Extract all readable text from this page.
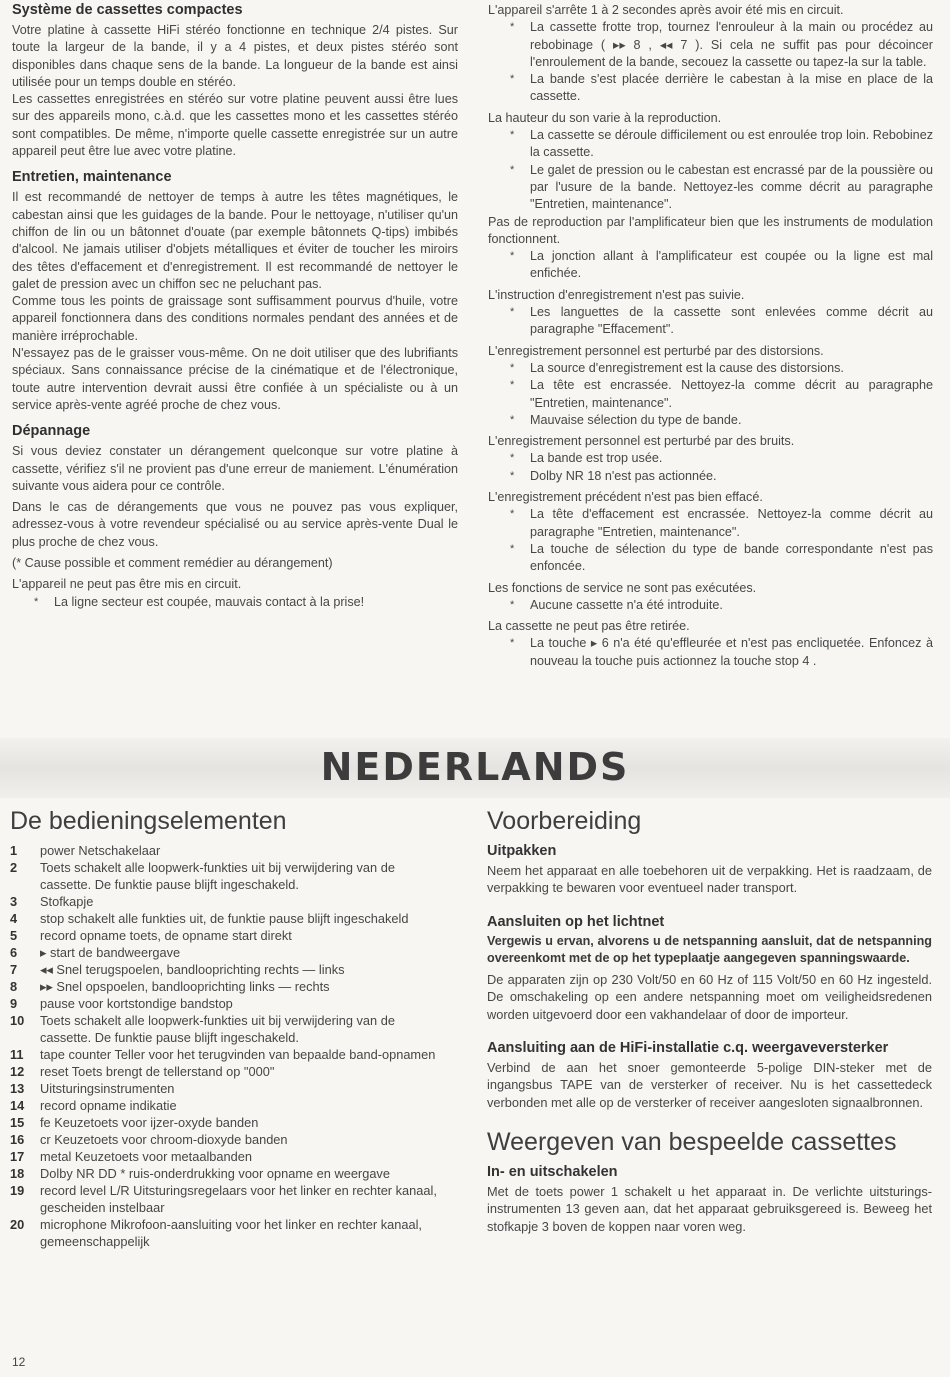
Système de cassettes compactes

Votre platine à cassette HiFi stéréo fonctionne en technique 2/4 pistes. Sur toute la largeur de la bande, il y a 4 pistes, et deux pistes stéréo sont disponibles dans chaque sens de la bande. La longueur de la bande est ainsi utilisée pour un temps double en stéréo.

Les cassettes enregistrées en stéréo sur votre platine peuvent aussi être lues sur des appareils mono, c.à.d. que les cassettes mono et les cassettes stéréo sont compatibles. De même, n'importe quelle cassette enregistrée sur un autre appareil peut être lue avec votre platine.

Entretien, maintenance

Il est recommandé de nettoyer de temps à autre les têtes magnétiques, le cabestan ainsi que les guidages de la bande. Pour le nettoyage, n'utiliser qu'un chiffon de lin ou un bâtonnet d'ouate (par exemple bâtonnets Q-tips) imbibés d'alcool. Ne jamais utiliser d'objets métalliques et éviter de toucher les miroirs des têtes d'effacement et d'enregistrement. Il est recommandé de nettoyer le galet de pression avec un chiffon sec ne peluchant pas.

Comme tous les points de graissage sont suffisamment pourvus d'huile, votre appareil fonctionnera dans des conditions normales pendant des années et de manière irréprochable.

N'essayez pas de le graisser vous-même. On ne doit utiliser que des lubrifiants spéciaux. Sans connaissance précise de la cinématique et de l'électronique, toute autre intervention devrait aussi être confiée à un spécialiste ou à un service après-vente agréé proche de chez vous.

Dépannage

Si vous deviez constater un dérangement quelconque sur votre platine à cassette, vérifiez s'il ne provient pas d'une erreur de maniement. L'énumération suivante vous aidera pour ce contrôle.

Dans le cas de dérangements que vous ne pouvez pas vous expliquer, adressez-vous à votre revendeur spécialisé ou au service après-vente Dual le plus proche de chez vous.

(* Cause possible et comment remédier au dérangement)

L'appareil ne peut pas être mis en circuit.

* La ligne secteur est coupée, mauvais contact à la prise!

L'appareil s'arrête 1 à 2 secondes après avoir été mis en circuit.

* La cassette frotte trop, tournez l'enrouleur à la main ou procédez au rebobinage ( ▸▸ 8 , ◂◂ 7 ). Si cela ne suffit pas pour décoincer l'enroulement de la bande, secouez la cassette ou tapez-la sur la table.
* La bande s'est placée derrière le cabestan à la mise en place de la cassette.

La hauteur du son varie à la reproduction.

* La cassette se déroule difficilement ou est enroulée trop loin. Rebobinez la cassette.
* Le galet de pression ou le cabestan est encrassé par de la poussière ou par l'usure de la bande. Nettoyez-les comme décrit au paragraphe "Entretien, maintenance".

Pas de reproduction par l'amplificateur bien que les instruments de modulation fonctionnent.

* La jonction allant à l'amplificateur est coupée ou la ligne est mal enfichée.

L'instruction d'enregistrement n'est pas suivie.

* Les languettes de la cassette sont enlevées comme décrit au paragraphe "Effacement".

L'enregistrement personnel est perturbé par des distorsions.

* La source d'enregistrement est la cause des distorsions.
* La tête est encrassée. Nettoyez-la comme décrit au paragraphe "Entretien, maintenance".
* Mauvaise sélection du type de bande.

L'enregistrement personnel est perturbé par des bruits.

* La bande est trop usée.
* Dolby NR 18 n'est pas actionnée.

L'enregistrement précédent n'est pas bien effacé.

* La tête d'effacement est encrassée. Nettoyez-la comme décrit au paragraphe "Entretien, maintenance".
* La touche de sélection du type de bande correspondante n'est pas enfoncée.

Les fonctions de service ne sont pas exécutées.

* Aucune cassette n'a été introduite.

La cassette ne peut pas être retirée.

* La touche ▸ 6 n'a été qu'effleurée et n'est pas encliquetée. Enfoncez à nouveau la touche puis actionnez la touche stop 4 .
NEDERLANDS
De bedieningselementen
1	power Netschakelaar
2	Toets schakelt alle loopwerk-funkties uit bij verwijdering van de cassette. De funktie pause blijft ingeschakeld.
3	Stofkapje
4	stop schakelt alle funkties uit, de funktie pause blijft ingeschakeld
5	record opname toets, de opname start direkt
6	▸ start de bandweergave
7	◂◂ Snel terugspoelen, bandlooprichting rechts — links
8	▸▸ Snel opspoelen, bandlooprichting links — rechts
9	pause voor kortstondige bandstop
10	Toets schakelt alle loopwerk-funkties uit bij verwijdering van de cassette. De funktie pause blijft ingeschakeld.
11	tape counter Teller voor het terugvinden van bepaalde band-opnamen
12	reset Toets brengt de tellerstand op "000"
13	Uitsturingsinstrumenten
14	record opname indikatie
15	fe Keuzetoets voor ijzer-oxyde banden
16	cr Keuzetoets voor chroom-dioxyde banden
17	metal Keuzetoets voor metaalbanden
18	Dolby NR DD * ruis-onderdrukking voor opname en weergave
19	record level L/R Uitsturingsregelaars voor het linker en rechter kanaal, gescheiden instelbaar
20	microphone Mikrofoon-aansluiting voor het linker en rechter kanaal, gemeenschappelijk
Voorbereiding
Uitpakken

Neem het apparaat en alle toebehoren uit de verpakking. Het is raadzaam, de verpakking te bewaren voor eventueel nader transport.

Aansluiten op het lichtnet

Vergewis u ervan, alvorens u de netspanning aansluit, dat de netspanning overeenkomt met de op het typeplaatje aangegeven spanningswaarde.

De apparaten zijn op 230 Volt/50 en 60 Hz of 115 Volt/50 en 60 Hz ingesteld. De omschakeling op een andere netspanning moet om veiligheidsredenen worden uitgevoerd door een vakhandelaar of door de importeur.

Aansluiting aan de HiFi-installatie c.q. weergaveversterker

Verbind de aan het snoer gemonteerde 5-polige DIN-steker met de ingangsbus TAPE van de versterker of receiver. Nu is het cassettedeck verbonden met alle op de versterker of receiver aangesloten signaalbronnen.

Weergeven van bespeelde cassettes
In- en uitschakelen

Met de toets power 1 schakelt u het apparaat in. De verlichte uitsturings-instrumenten 13 geven aan, dat het apparaat gebruiksgereed is. Beweeg het stofkapje 3 boven de koppen naar voren weg.

12
